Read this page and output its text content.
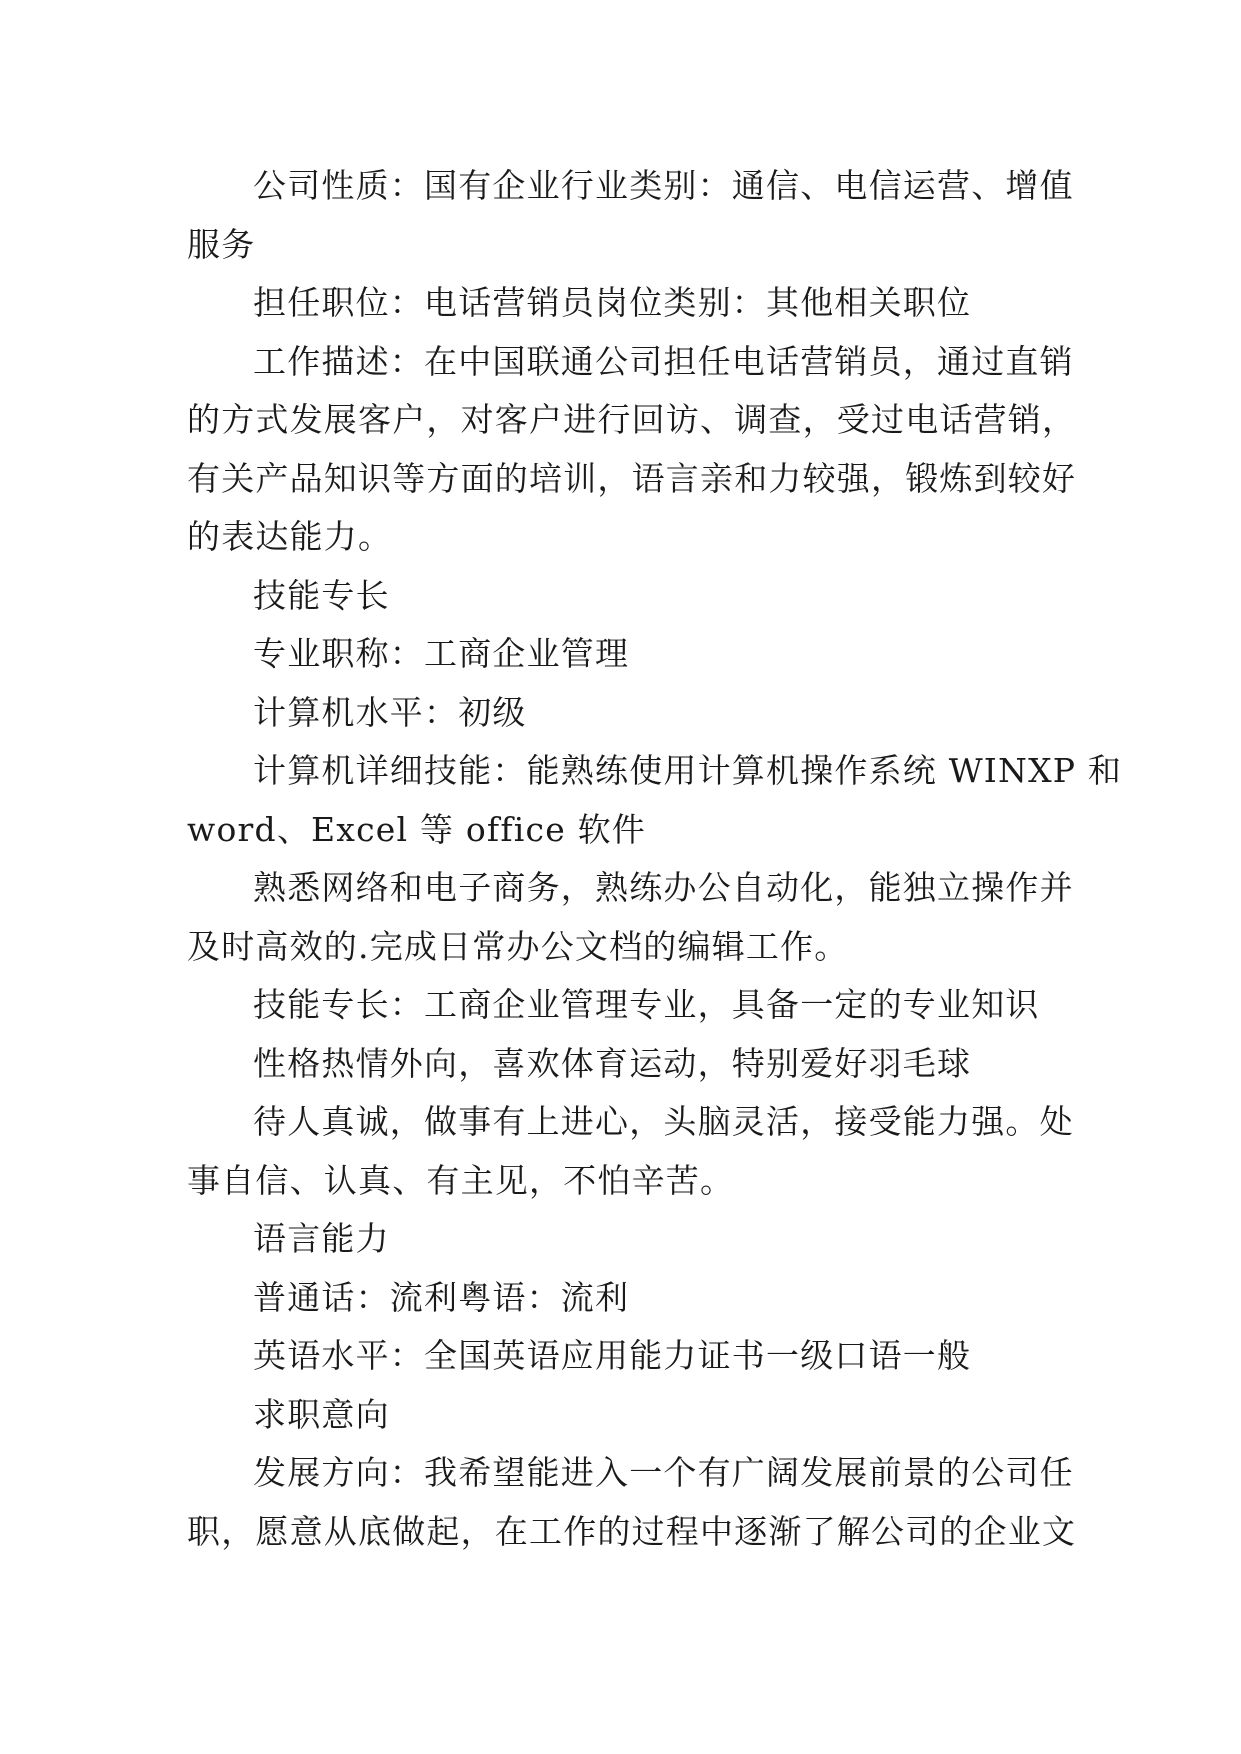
公司性质：国有企业行业类别：通信、电信运营、增值
服务
担任职位：电话营销员岗位类别：其他相关职位
工作描述：在中国联通公司担任电话营销员，通过直销
的方式发展客户，对客户进行回访、调查，受过电话营销，
有关产品知识等方面的培训，语言亲和力较强，锻炼到较好
的表达能力。
技能专长
专业职称：工商企业管理
计算机水平：初级
计算机详细技能：能熟练使用计算机操作系统 WINXP 和
word、Excel 等 office 软件
熟悉网络和电子商务，熟练办公自动化，能独立操作并
及时高效的.完成日常办公文档的编辑工作。
技能专长：工商企业管理专业，具备一定的专业知识
性格热情外向，喜欢体育运动，特别爱好羽毛球
待人真诚，做事有上进心，头脑灵活，接受能力强。处
事自信、认真、有主见，不怕辛苦。
语言能力
普通话：流利粤语：流利
英语水平：全国英语应用能力证书一级口语一般
求职意向
发展方向：我希望能进入一个有广阔发展前景的公司任
职，愿意从底做起，在工作的过程中逐渐了解公司的企业文
